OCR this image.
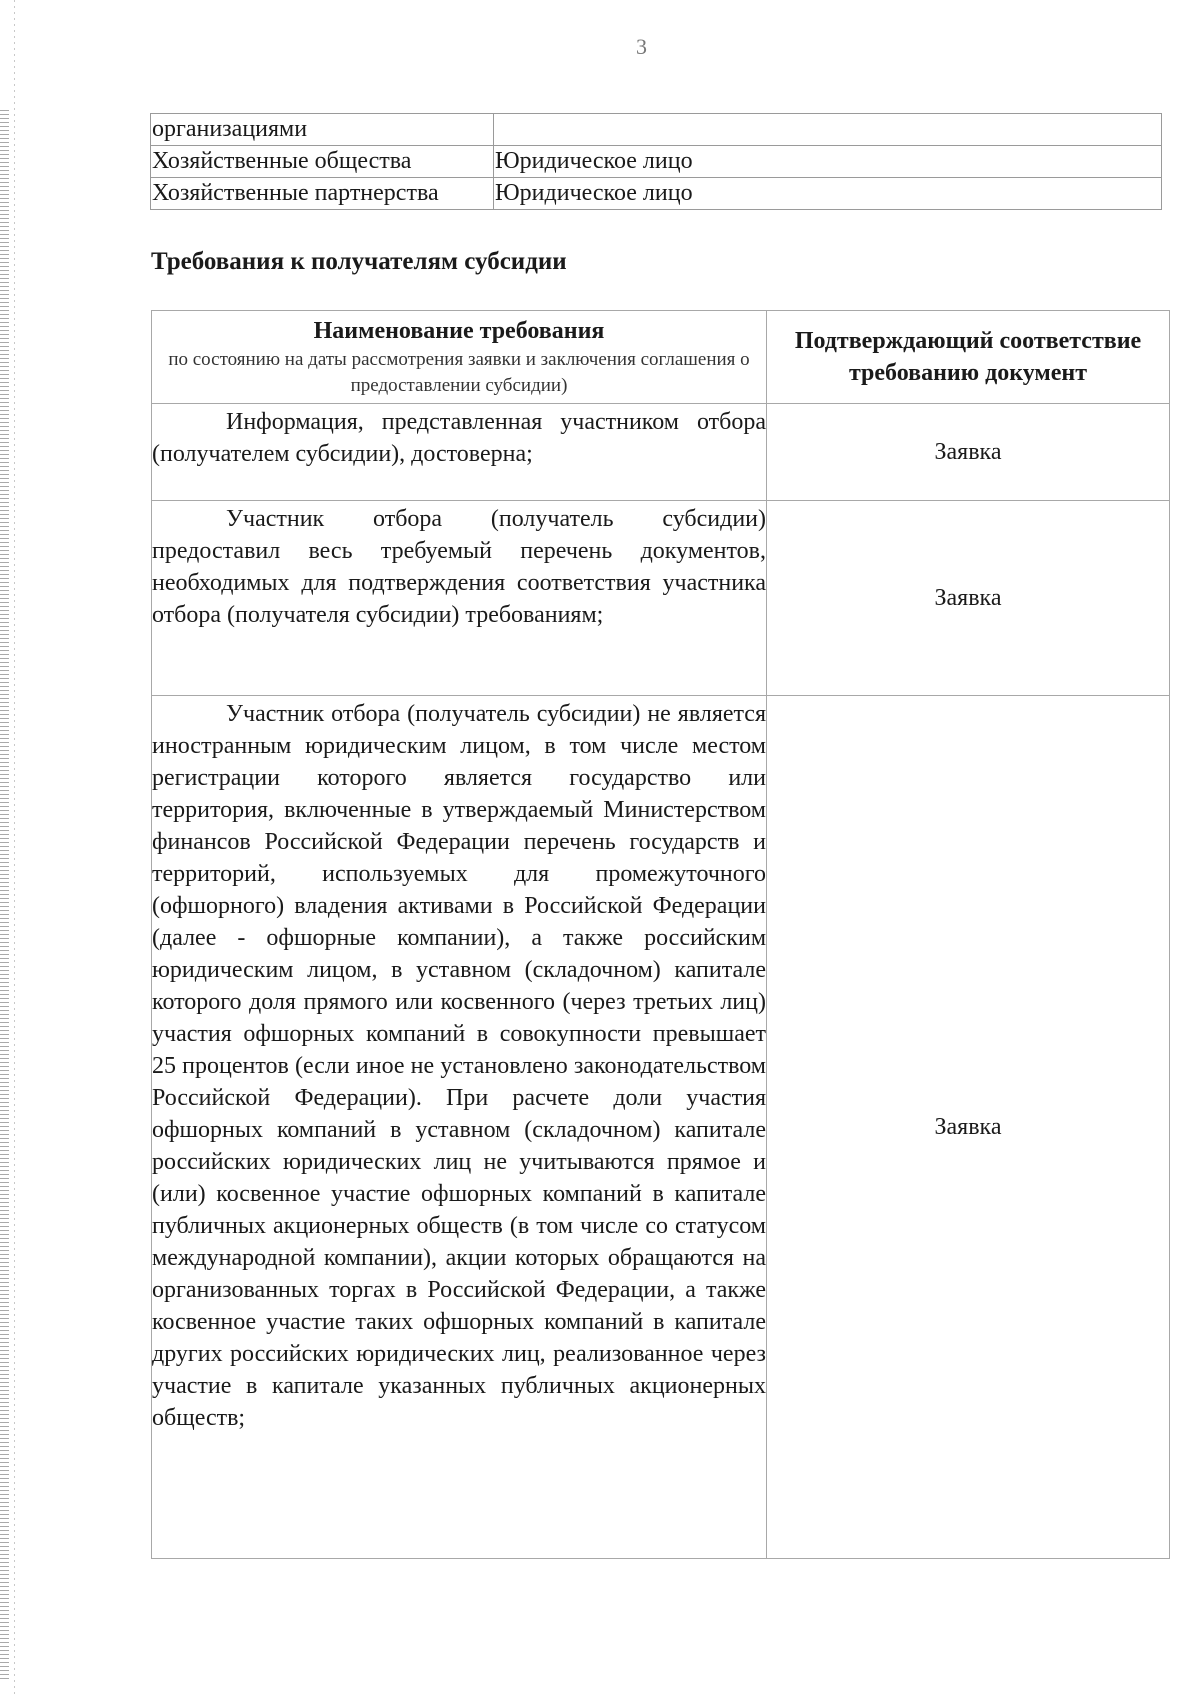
3
организациями	
Хозяйственные общества	Юридическое лицо
Хозяйственные партнерства	Юридическое лицо
Требования к получателям субсидии
Наименование требования
по состоянию на даты рассмотрения заявки и заключения соглашения о предоставлении субсидии)	Подтверждающий соответствие требованию документ
Информация, представленная участником отбора (получателем субсидии), достоверна;	Заявка
Участник отбора (получатель субсидии) предоставил весь требуемый перечень документов, необходимых для подтверждения соответствия участника отбора (получателя субсидии) требованиям;	Заявка
Участник отбора (получатель субсидии) не является иностранным юридическим лицом, в том числе местом регистрации которого является государство или территория, включенные в утверждаемый Министерством финансов Российской Федерации перечень государств и территорий, используемых для промежуточного (офшорного) владения активами в Российской Федерации (далее - офшорные компании), а также российским юридическим лицом, в уставном (складочном) капитале которого доля прямого или косвенного (через третьих лиц) участия офшорных компаний в совокупности превышает 25 процентов (если иное не установлено законодательством Российской Федерации). При расчете доли участия офшорных компаний в уставном (складочном) капитале российских юридических лиц не учитываются прямое и (или) косвенное участие офшорных компаний в капитале публичных акционерных обществ (в том числе со статусом международной компании), акции которых обращаются на организованных торгах в Российской Федерации, а также косвенное участие таких офшорных компаний в капитале других российских юридических лиц, реализованное через участие в капитале указанных публичных акционерных обществ;	Заявка
